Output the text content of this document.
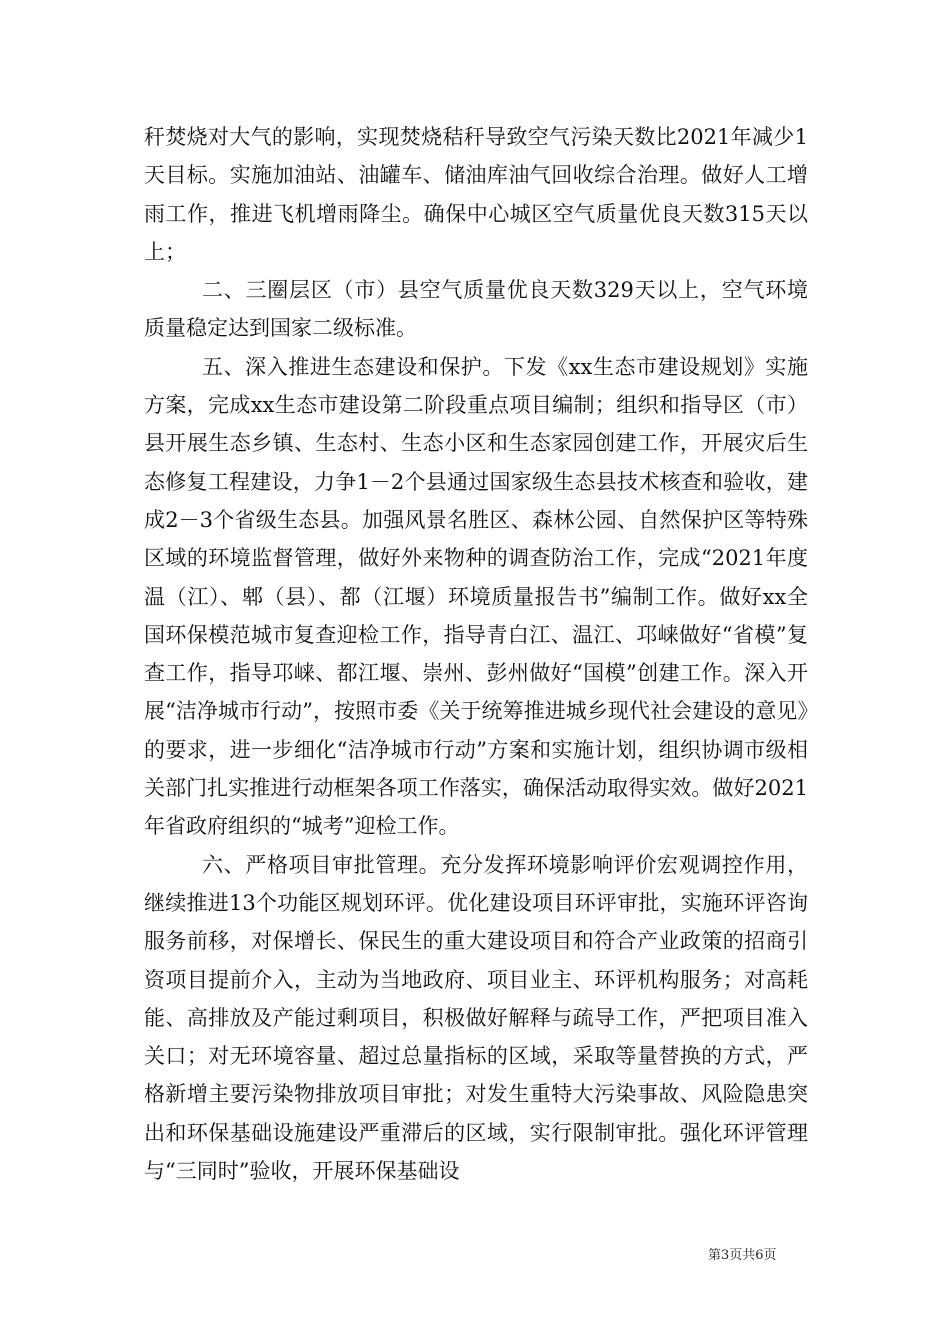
秆焚烧对大气的影响，实现焚烧秸秆导致空气污染天数比2021年减少1天目标。实施加油站、油罐车、储油库油气回收综合治理。做好人工增雨工作，推进飞机增雨降尘。确保中心城区空气质量优良天数315天以上；

二、三圈层区（市）县空气质量优良天数329天以上，空气环境质量稳定达到国家二级标准。

五、深入推进生态建设和保护。下发《xx生态市建设规划》实施方案，完成xx生态市建设第二阶段重点项目编制；组织和指导区（市）县开展生态乡镇、生态村、生态小区和生态家园创建工作，开展灾后生态修复工程建设，力争1－2个县通过国家级生态县技术核查和验收，建成2－3个省级生态县。加强风景名胜区、森林公园、自然保护区等特殊区域的环境监督管理，做好外来物种的调查防治工作，完成“2021年度温（江）、郫（县）、都（江堰）环境质量报告书”编制工作。做好xx全国环保模范城市复查迎检工作，指导青白江、温江、邛崃做好“省模”复查工作，指导邛崃、都江堰、崇州、彭州做好“国模”创建工作。深入开展“洁净城市行动”，按照市委《关于统筹推进城乡现代社会建设的意见》的要求，进一步细化“洁净城市行动”方案和实施计划，组织协调市级相关部门扎实推进行动框架各项工作落实，确保活动取得实效。做好2021年省政府组织的“城考”迎检工作。

六、严格项目审批管理。充分发挥环境影响评价宏观调控作用，继续推进13个功能区规划环评。优化建设项目环评审批，实施环评咨询服务前移，对保增长、保民生的重大建设项目和符合产业政策的招商引资项目提前介入，主动为当地政府、项目业主、环评机构服务；对高耗能、高排放及产能过剩项目，积极做好解释与疏导工作，严把项目准入关口；对无环境容量、超过总量指标的区域，采取等量替换的方式，严格新增主要污染物排放项目审批；对发生重特大污染事故、风险隐患突出和环保基础设施建设严重滞后的区域，实行限制审批。强化环评管理与“三同时”验收，开展环保基础设

第3页共6页
